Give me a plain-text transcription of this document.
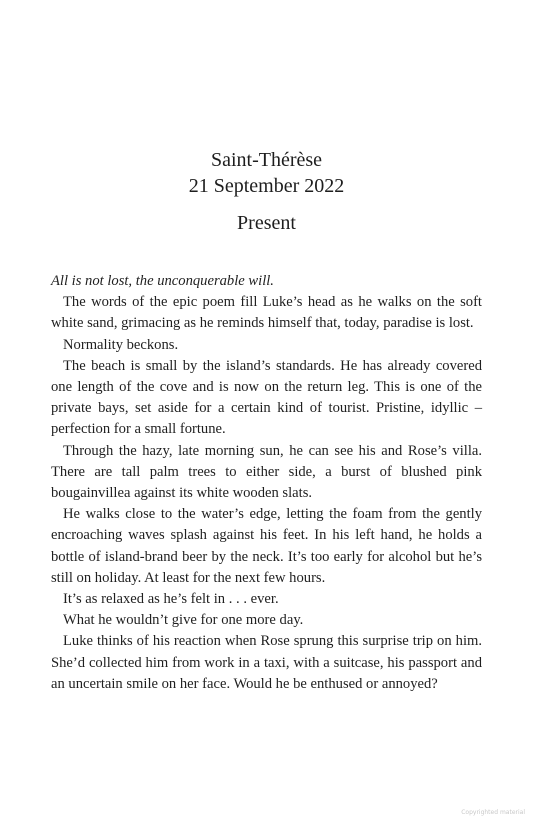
Saint-Thérèse
21 September 2022
Present

All is not lost, the unconquerable will.

The words of the epic poem fill Luke’s head as he walks on the soft white sand, grimacing as he reminds himself that, today, paradise is lost.

Normality beckons.

The beach is small by the island’s standards. He has already covered one length of the cove and is now on the return leg. This is one of the private bays, set aside for a certain kind of tourist. Pristine, idyllic – perfection for a small fortune.

Through the hazy, late morning sun, he can see his and Rose’s villa. There are tall palm trees to either side, a burst of blushed pink bougainvillea against its white wooden slats.

He walks close to the water’s edge, letting the foam from the gently encroaching waves splash against his feet. In his left hand, he holds a bottle of island-brand beer by the neck. It’s too early for alcohol but he’s still on holiday. At least for the next few hours.

It’s as relaxed as he’s felt in . . . ever.

What he wouldn’t give for one more day.

Luke thinks of his reaction when Rose sprung this surprise trip on him. She’d collected him from work in a taxi, with a suitcase, his passport and an uncertain smile on her face. Would he be enthused or annoyed?

Copyrighted material
